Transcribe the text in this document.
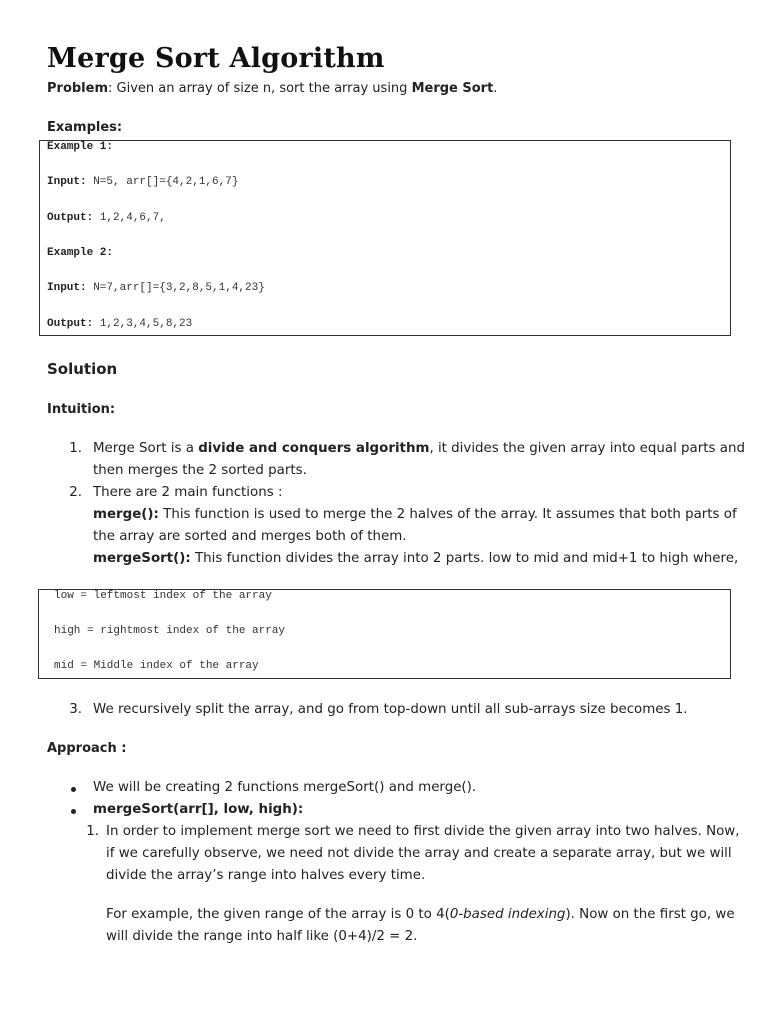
Merge Sort Algorithm
Problem: Given an array of size n, sort the array using Merge Sort.
Examples:
Example 1:
Input: N=5, arr[]={4,2,1,6,7}
Output: 1,2,4,6,7,
Example 2:
Input: N=7,arr[]={3,2,8,5,1,4,23}
Output: 1,2,3,4,5,8,23
Solution
Intuition:
1. Merge Sort is a divide and conquers algorithm, it divides the given array into equal parts and
then merges the 2 sorted parts.
2. There are 2 main functions :
merge(): This function is used to merge the 2 halves of the array. It assumes that both parts of
the array are sorted and merges both of them.
mergeSort(): This function divides the array into 2 parts. low to mid and mid+1 to high where,
low = leftmost index of the array
high = rightmost index of the array
mid = Middle index of the array
3. We recursively split the array, and go from top-down until all sub-arrays size becomes 1.
Approach :
We will be creating 2 functions mergeSort() and merge().
mergeSort(arr[], low, high):
1. In order to implement merge sort we need to first divide the given array into two halves. Now,
if we carefully observe, we need not divide the array and create a separate array, but we will
divide the array’s range into halves every time.
For example, the given range of the array is 0 to 4(0-based indexing). Now on the first go, we
will divide the range into half like (0+4)/2 = 2.
